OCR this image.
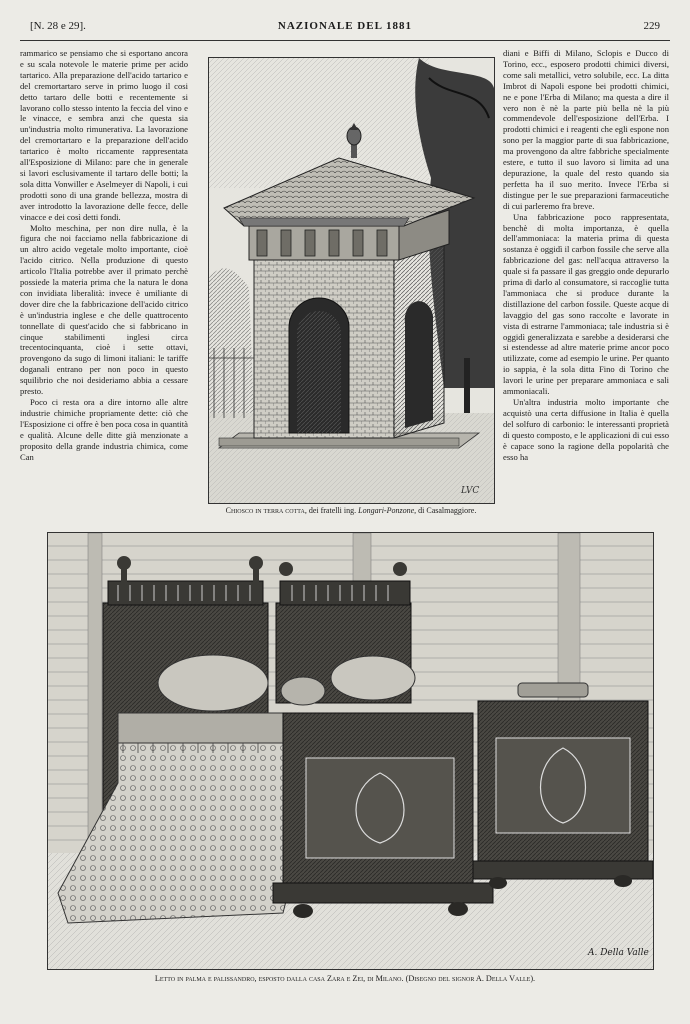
[N. 28 e 29].	NAZIONALE DEL 1881	229

rammarico se pensiamo che si esportano ancora e su scala notevole le materie prime per acido tartarico. Alla preparazione dell'acido tartarico e del cremortartaro serve in primo luogo il cosi detto tartaro delle botti e recentemente si lavorano collo stesso intento la feccia del vino e le vinacce, e sembra anzi che questa sia un'industria molto rimunerativa. La lavorazione del cremortartaro e la preparazione dell'acido tartarico è molto riccamente rappresentata all'Esposizione di Milano: pare che in generale si lavori esclusivamente il tartaro delle botti; la sola ditta Vonwiller e Aselmeyer di Napoli, i cui prodotti sono di una grande bellezza, mostra di aver introdotto la lavorazione delle fecce, delle vinacce e dei così detti fondi.

Molto meschina, per non dire nulla, è la figura che noi facciamo nella fabbricazione di un altro acido vegetale molto importante, cioè l'acido citrico. Nella produzione di questo articolo l'Italia potrebbe aver il primato perchè possiede la materia prima che la natura le dona con invidiata liberalità: invece è umiliante di dover dire che la fabbricazione dell'acido citrico è un'industria inglese e che delle quattrocento tonnellate di quest'acido che si fabbricano in cinque stabilimenti inglesi circa trecentocinquanta, cioè i sette ottavi, provengono da sugo di limoni italiani: le tariffe doganali entrano per non poco in questo squilibrio che noi desideriamo abbia a cessare presto.

Poco ci resta ora a dire intorno alle altre industrie chimiche propriamente dette: ciò che l'Esposizione ci offre è ben poca cosa in quantità e qualità. Alcune delle ditte già menzionate a proposito della grande industria chimica, come Can

LVC
Chiosco in terra cotta, dei fratelli ing. Longari-Ponzone, di Casalmaggiore.

diani e Biffi di Milano, Sclopis e Ducco di Torino, ecc., esposero prodotti chimici diversi, come sali metallici, vetro solubile, ecc. La ditta Imbrot di Napoli espone bei prodotti chimici, ne e pone l'Erba di Milano; ma questa a dire il vero non è nè la parte più bella nè la più commendevole dell'esposizione dell'Erba. I prodotti chimici e i reagenti che egli espone non sono per la maggior parte di sua fabbricazione, ma provengono da altre fabbriche specialmente estere, e tutto il suo lavoro si limita ad una depurazione, la quale del resto quando sia perfetta ha il suo merito. Invece l'Erba si distingue per le sue preparazioni farmaceutiche di cui parleremo fra breve.

Una fabbricazione poco rappresentata, benchè di molta importanza, è quella dell'ammoniaca: la materia prima di questa sostanza è oggidì il carbon fossile che serve alla fabbricazione del gas: nell'acqua attraverso la quale si fa passare il gas greggio onde depurarlo prima di darlo al consumatore, si raccoglie tutta l'ammoniaca che si produce durante la distillazione del carbon fossile. Queste acque di lavaggio del gas sono raccolte e lavorate in vista di estrarne l'ammoniaca; tale industria si è oggidì generalizzata e sarebbe a desiderarsi che si estendesse ad altre materie prime ancor poco utilizzate, come ad esempio le urine. Per quanto io sappia, è la sola ditta Fino di Torino che lavori le urine per preparare ammoniaca e sali ammoniacali.

Un'altra industria molto importante che acquistò una certa diffusione in Italia è quella del solfuro di carbonio: le interessanti proprietà di questo composto, e le applicazioni di cui esso è capace sono la ragione della popolarità che esso ha

A. Della Valle
Letto in palma e palissandro, esposto dalla casa Zara e Zei, di Milano. (Disegno del signor A. Della Valle).
